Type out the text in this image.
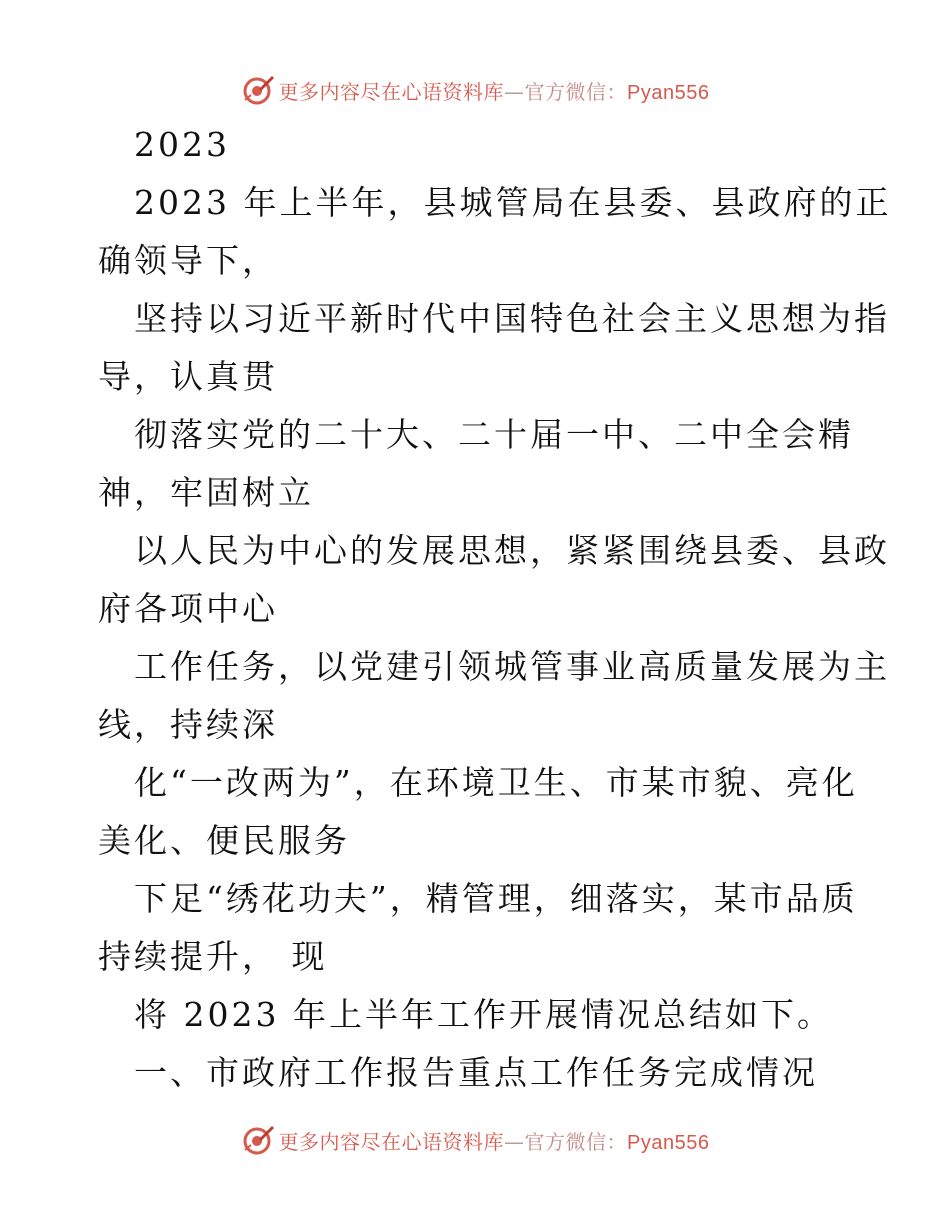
更多内容尽在心语资料库—官方微信：Pyan556
2023
2023 年上半年，县城管局在县委、县政府的正
确领导下，
坚持以习近平新时代中国特色社会主义思想为指
导，认真贯
彻落实党的二十大、二十届一中、二中全会精
神，牢固树立
以人民为中心的发展思想，紧紧围绕县委、县政
府各项中心
工作任务，以党建引领城管事业高质量发展为主
线，持续深
化“一改两为”，在环境卫生、市某市貌、亮化
美化、便民服务
下足“绣花功夫”，精管理，细落实，某市品质
持续提升， 现
将 2023 年上半年工作开展情况总结如下。
一、市政府工作报告重点工作任务完成情况
更多内容尽在心语资料库—官方微信：Pyan556
